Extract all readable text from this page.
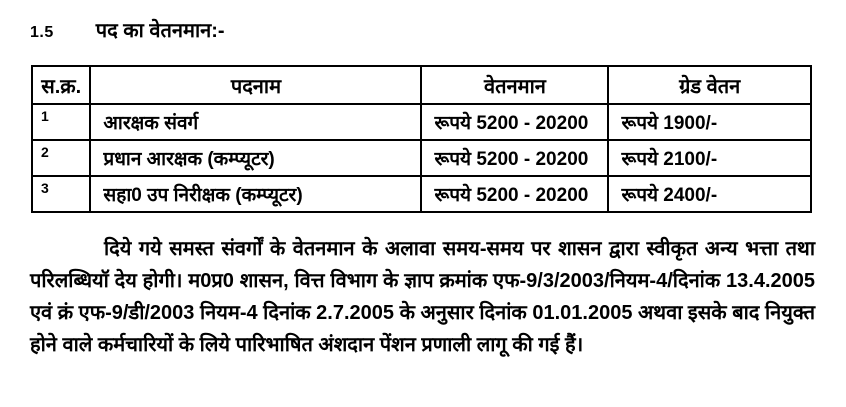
1.5 पद का वेतनमान:-
स.क्र.	पदनाम	वेतनमान	ग्रेड वेतन
1	आरक्षक संवर्ग	रूपये 5200 - 20200	रूपये 1900/-
2	प्रधान आरक्षक (कम्प्यूटर)	रूपये 5200 - 20200	रूपये 2100/-
3	सहा0 उप निरीक्षक (कम्प्यूटर)	रूपये 5200 - 20200	रूपये 2400/-

दिये गये समस्त संवर्गों के वेतनमान के अलावा समय-समय पर शासन द्वारा स्वीकृत अन्य भत्ता तथा परिलब्धियॉ देय होगी। म0प्र0 शासन, वित्त विभाग के ज्ञाप क्रमांक एफ-9/3/2003/नियम-4/दिनांक 13.4.2005 एवं क्रं एफ-9/डी/2003 नियम-4 दिनांक 2.7.2005 के अनुसार दिनांक 01.01.2005 अथवा इसके बाद नियुक्त होने वाले कर्मचारियों के लिये पारिभाषित अंशदान पेंशन प्रणाली लागू की गई हैं।
